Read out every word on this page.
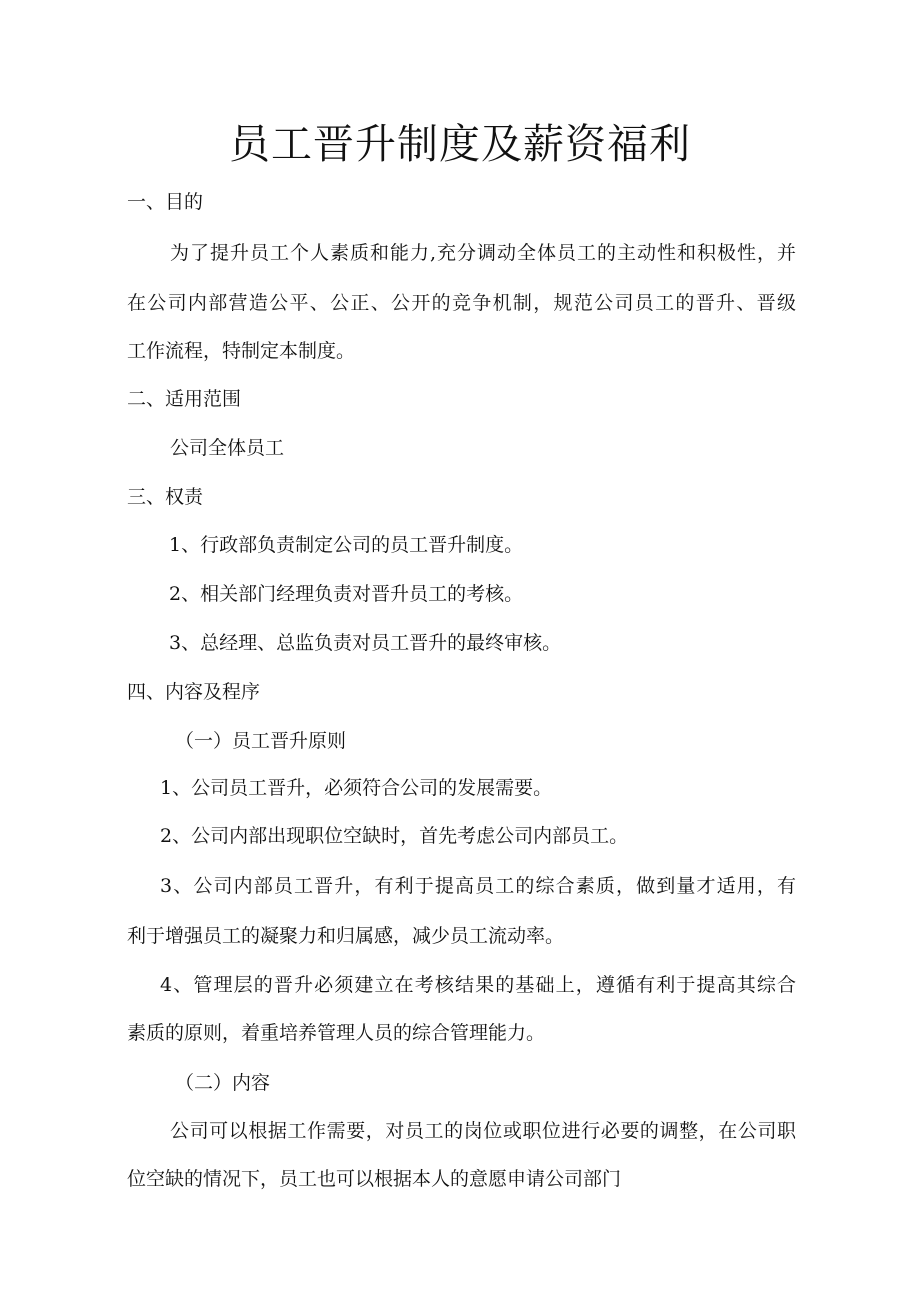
员工晋升制度及薪资福利

一、目的

为了提升员工个人素质和能力,充分调动全体员工的主动性和积极性，并

在公司内部营造公平、公正、公开的竞争机制，规范公司员工的晋升、晋级

工作流程，特制定本制度。

二、适用范围

公司全体员工

三、权责

1、行政部负责制定公司的员工晋升制度。

2、相关部门经理负责对晋升员工的考核。

3、总经理、总监负责对员工晋升的最终审核。

四、内容及程序

（一）员工晋升原则

1、公司员工晋升，必须符合公司的发展需要。

2、公司内部出现职位空缺时，首先考虑公司内部员工。

3、公司内部员工晋升，有利于提高员工的综合素质，做到量才适用，有

利于增强员工的凝聚力和归属感，减少员工流动率。

4、管理层的晋升必须建立在考核结果的基础上，遵循有利于提高其综合

素质的原则，着重培养管理人员的综合管理能力。

（二）内容

公司可以根据工作需要，对员工的岗位或职位进行必要的调整，在公司职

位空缺的情况下，员工也可以根据本人的意愿申请公司部门
